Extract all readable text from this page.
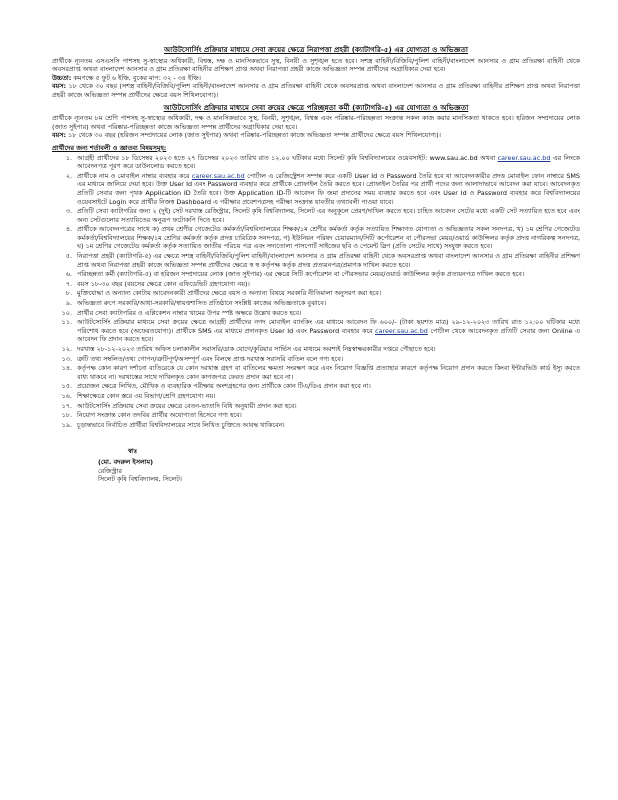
আউটসোর্সিং প্রক্রিয়ার মাধ্যমে সেবা ক্রয়ের ক্ষেত্রে নিরাপত্তা প্রহরী (ক্যাটাগরি-৫) এর যোগ্যতা ও অভিজ্ঞতা

প্রার্থীকে ন্যূনতম এসএসসি পাশসহ সু-স্বাস্থ্যের অধিকারী, বিশ্বস্ত, দক্ষ ও মানসিকভাবে সুস্থ, বিনয়ী ও সুশৃঙ্খল হতে হবে। সশস্ত্র বাহিনী/বিজিবি/পুলিশ বাহিনী/বাংলাদেশ আনসার ও গ্রাম প্রতিরক্ষা বাহিনী থেকে অবসরপ্রাপ্ত অথবা বাংলাদেশ আনসার ও গ্রাম প্রতিরক্ষা বাহিনীর প্রশিক্ষণ প্রাপ্ত অথবা নিরাপত্তা প্রহরী কাজে অভিজ্ঞতা সম্পন্ন প্রার্থীদের অগ্রাধিকার দেয়া হবে।

উচ্চতা: কমপক্ষে ৫ ফুট ৬ ইঞ্চি, বুকের মাপ: ৩২ - ৩৪ ইঞ্চি।

বয়স: ১৮ থেকে ৩০ বছর (সশস্ত্র বাহিনী/বিজিবি/পুলিশ বাহিনী/বাংলাদেশ আনসার ও গ্রাম প্রতিরক্ষা বাহিনী থেকে অবসরপ্রাপ্ত অথবা বাংলাদেশ আনসার ও গ্রাম প্রতিরক্ষা বাহিনীর প্রশিক্ষণ প্রাপ্ত অথবা নিরাপত্তা প্রহরী কাজে অভিজ্ঞতা সম্পন্ন প্রার্থীদের ক্ষেত্রে বয়স শিথিলযোগ্য)।

আউটসোর্সিং প্রক্রিয়ার মাধ্যমে সেবা ক্রয়ের ক্ষেত্রে পরিচ্ছন্নতা কর্মী (ক্যাটাগরি-৫) এর যোগ্যতা ও অভিজ্ঞতা

প্রার্থীকে ন্যূনতম ৮ম শ্রেণি পাশসহ সু-স্বাস্থ্যের অধিকারী, দক্ষ ও মানসিকভাবে সুস্থ, বিনয়ী, সুশৃঙ্খল, বিশ্বস্ত এবং পরিষ্কার-পরিচ্ছন্নতা সংক্রান্ত সকল কাজ করার মানসিকতা থাকতে হবে। হরিজন সম্প্রদায়ের লোক (জাত সুইপার) অথবা পরিষ্কার-পরিচ্ছন্নতা কাজে অভিজ্ঞতা সম্পন্ন প্রার্থীদের অগ্রাধিকার দেয়া হবে।

বয়স: ১৮ থেকে ৩০ বছর (হরিজন সম্প্রদায়ের লোক (জাত সুইপার) অথবা পরিষ্কার-পরিচ্ছন্নতা কাজে অভিজ্ঞতা সম্পন্ন প্রার্থীদের ক্ষেত্রে বয়স শিথিলযোগ্য)।

প্রার্থীদের জন্য শর্তাবলী ও জ্ঞাতব্য বিষয়সমূহ:
১. আগ্রহী প্রার্থীদের ১৮ ডিসেম্বর ২০২৩ হতে ২৭ ডিসেম্বর ২০২৩ তারিখ রাত ১২.০০ ঘটিকার মধ্যে সিলেট কৃষি বিশ্ববিদ্যালয়ের ওয়েবসাইট: www.sau.ac.bd অথবা career.sau.ac.bd এর লিংকে আবেদনপত্র পূরণ করে ডাউনলোড করতে হবে।
২. প্রার্থীকে নাম ও মোবাইল নাম্বার ব্যবহার করে career.sau.ac.bd পোর্টাল এ রেজিস্ট্রেশন সম্পন্ন করে একটি User Id ও Password তৈরি হবে যা আবেদনকারীর প্রদত্ত মোবাইল ফোন নাম্বারে SMS এর মাধ্যমে জানিয়ে দেয়া হবে। উক্ত User Id এবং Password ব্যবহার করে প্রার্থীকে প্রোফাইল তৈরি করতে হবে। প্রোফাইল তৈরির পর প্রার্থী পদের জন্য আলাদাভাবে আবেদন করা যাবে। আবেদনকৃত প্রতিটি সেবার জন্য পৃথক Application ID তৈরি হবে। উক্ত Application ID-টি আবেদন ফি জমা প্রদানের সময় ব্যবহার করতে হবে এবং User Id ও Password ব্যবহার করে বিশ্ববিদ্যালয়ের ওয়েবসাইটে Login করে প্রার্থীর নিজস্ব Dashboard এ পরীক্ষার প্রবেশপত্রসহ পরীক্ষা সংক্রান্ত যাবতীয় তথ্যাবলী পাওয়া যাবে।
৩. প্রতিটি সেবা ক্যাটাগরির জন্য ২ (দুই) সেট দরখাস্ত রেজিস্ট্রার, সিলেট কৃষি বিশ্ববিদ্যালয়, সিলেট এর অনুকূলে প্রেরণ/দাখিল করতে হবে। চাহিত আবেদন সেটের মধ্যে একটি সেট সত্যায়িত হতে হবে এবং অন্য সেটগুলোর সত্যায়িতের অনুরূপ ফটোকপি দিতে হবে।
৪. প্রার্থীকে আবেদনপত্রের সাথে ক) প্রথম শ্রেণীর গেজেটেড কর্মকর্তা/বিশ্ববিদ্যালয়ের শিক্ষক/১ম শ্রেণীর কর্মকর্তা কর্তৃক সত্যায়িত শিক্ষাগত যোগ্যতা ও অভিজ্ঞতার সকল সনদপত্র, খ) ১ম শ্রেণির গেজেটেড কর্মকর্তা/বিশ্ববিদ্যালয়ের শিক্ষক/১ম শ্রেণির কর্মকর্তা কর্তৃক প্রদত্ত চারিত্রিক সনদপত্র, গ) ইউনিয়ন পরিষদ চেয়ারম্যান/সিটি কর্পোরেশন বা পৌরসভা মেয়র/ওয়ার্ড কাউন্সিলর কর্তৃক প্রদত্ত নাগরিকত্ব সনদপত্র, ঘ) ১ম শ্রেণির গেজেটেড কর্মকর্তা কর্তৃক সত্যায়িত জাতীয় পরিচয় পত্র এবং সদ্যতোলা পাসপোর্ট সাইজের ছবি ও পেমেন্ট স্লিপ (প্রতি সেটের সাথে) সংযুক্ত করতে হবে।
৫. নিরাপত্তা প্রহরী (ক্যাটাগরি-৫) এর ক্ষেত্রে সশস্ত্র বাহিনী/বিজিবি/পুলিশ বাহিনী/বাংলাদেশ আনসার ও গ্রাম প্রতিরক্ষা বাহিনী থেকে অবসরপ্রাপ্ত অথবা বাংলাদেশ আনসার ও গ্রাম প্রতিরক্ষা বাহিনীর প্রশিক্ষণ প্রাপ্ত অথবা নিরাপত্তা প্রহরী কাজে অভিজ্ঞতা সম্পন্ন প্রার্থীদের ক্ষেত্রে স্ব স্ব কর্তৃপক্ষ কর্তৃক প্রদত্ত প্রত্যয়নপত্র/প্রমাণক দাখিল করতে হবে।
৬. পরিচ্ছন্নতা কর্মী (ক্যাটাগরি-৫) বা হরিজন সম্প্রদায়ের লোক (জাত সুইপার) এর ক্ষেত্রে সিটি কর্পোরেশন বা পৌরসভার মেয়র/ওয়ার্ড কাউন্সিলর কর্তৃক প্রত্যয়নপত্র দাখিল করতে হবে।
৭. বয়স ১৮-৩০ বছর (বয়সের ক্ষেত্রে কোন এফিডেভিট গ্রহণযোগ্য নয়)।
৮. মুক্তিযোদ্ধা ও অন্যান্য কোটায় আবেদনকারী প্রার্থীদের ক্ষেত্রে বয়স ও অন্যান্য বিষয়ে সরকারি নীতিমালা অনুসরণ করা হবে।
৯. অভিজ্ঞতা রুপে সরকারি/আধা-সরকারি/স্বায়ত্তশাসিত প্রতিষ্ঠানে সংশ্লিষ্ট কাজের অভিজ্ঞতাকে বুঝাবে।
১০. প্রার্থীর সেবা ক্যাটাগরির ও এপ্লিকেশন নাম্বার খামের উপর স্পষ্ট অক্ষরে উল্লেখ করতে হবে।
১১. আউটসোর্সিং প্রক্রিয়ার মাধ্যমে সেবা ক্রয়ের ক্ষেত্রে আগ্রহী প্রার্থীদের নগদ মোবাইল ব্যাংকিং এর মাধ্যমে আবেদন ফি ৬০০/- (টাকা ছয়শত মাত্র) ২৯-১২-২০২৩ তারিখ রাত ১২:০০ ঘটিকার মধ্যে পরিশোধ করতে হবে (অফেরতযোগ্য)। প্রার্থীকে SMS এর মাধ্যমে প্রদানকৃত User Id এবং Password ব্যবহার করে career.sau.ac.bd পোর্টাল থেকে আবেদনকৃত প্রতিটি সেবার জন্য Online এ আবেদন ফি প্রদান করতে হবে।
১২. দরখাস্ত ২৮-১২-২০২৩ তারিখ অফিস চলাকালীন সরাসরি/ডাক যোগে/কুরিয়ার সার্ভিস এর মাধ্যমে অবশ্যই নিম্নস্বাক্ষরকারীর দপ্তরে পৌছাতে হবে।
১৩. ত্রুটি তথ্য সম্বলিত/তথ্য গোপন/ত্রুটিপূর্ণ/অসম্পূর্ণ এবং বিলম্বে প্রাপ্ত দরখাস্ত সরাসরি বাতিল বলে গণ্য হবে।
১৪. কর্তৃপক্ষ কোন কারণ দর্শানো ব্যতিরেকে যে কোন দরখাস্ত গ্রহণ বা বাতিলের ক্ষমতা সংরক্ষণ করে এবং নিয়োগ বিজ্ঞপ্তি প্রত্যাহার কারণে কর্তৃপক্ষ নিয়োগ প্রদান করতে কিংবা ইন্টারভিউ কার্ড ইস্যু করতে বাধ্য থাকবে না। দরখাস্তের সাথে দাখিলকৃত কোন কাগজপত্র ফেরত প্রদান করা হবে না।
১৫. প্রয়োজন ক্ষেত্রে লিখিত, মৌখিক ও ব্যবহারিক পরীক্ষায় অংশগ্রহণের জন্য প্রার্থীকে কোন টিএ/ডিএ প্রদান করা হবে না।
১৬. শিক্ষাক্ষেত্রে কোন স্তরে ৩য় বিভাগ/শ্রেণি গ্রহণযোগ্য নয়।
১৭. আউটসোর্সিং প্রক্রিয়ায় সেবা ক্রয়ের ক্ষেত্রে বেতন-ভাতাদি বিধি অনুযায়ী প্রদান করা হবে।
১৮. নিয়োগ সংক্রান্ত কোন তদবির প্রার্থীর অযোগ্যতা হিসেবে গণ্য হবে।
১৯. চূড়ান্তভাবে নির্বাচিত প্রার্থীরা বিশ্ববিদ্যালয়ের সাথে লিখিত চুক্তিতে আবদ্ধ থাকিবেন।
স্বাঃ
(মো. বদরুল ইসলাম)
রেজিস্ট্রার
সিলেট কৃষি বিশ্ববিদ্যালয়, সিলেট।
